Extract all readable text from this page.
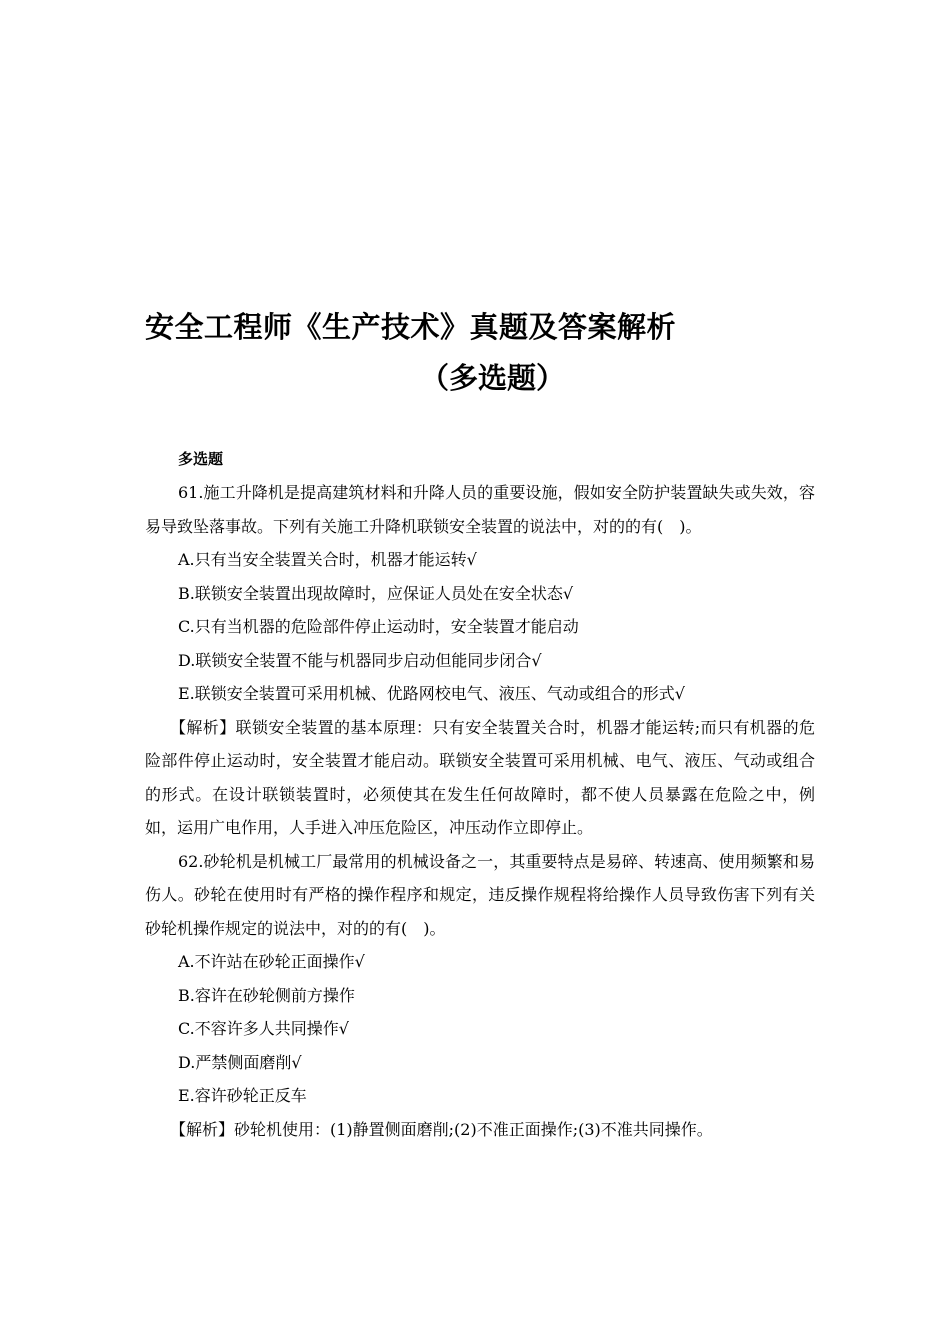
安全工程师《生产技术》真题及答案解析
（多选题）
多选题

61.施工升降机是提高建筑材料和升降人员的重要设施，假如安全防护装置缺失或失效，容易导致坠落事故。下列有关施工升降机联锁安全装置的说法中，对的的有(　)。

A.只有当安全装置关合时，机器才能运转√

B.联锁安全装置出现故障时，应保证人员处在安全状态√

C.只有当机器的危险部件停止运动时，安全装置才能启动

D.联锁安全装置不能与机器同步启动但能同步闭合√

E.联锁安全装置可采用机械、优路网校电气、液压、气动或组合的形式√

【解析】联锁安全装置的基本原理：只有安全装置关合时，机器才能运转;而只有机器的危险部件停止运动时，安全装置才能启动。联锁安全装置可采用机械、电气、液压、气动或组合的形式。在设计联锁装置时，必须使其在发生任何故障时，都不使人员暴露在危险之中，例如，运用广电作用，人手进入冲压危险区，冲压动作立即停止。

62.砂轮机是机械工厂最常用的机械设备之一，其重要特点是易碎、转速高、使用频繁和易伤人。砂轮在使用时有严格的操作程序和规定，违反操作规程将给操作人员导致伤害下列有关砂轮机操作规定的说法中，对的的有(　)。

A.不许站在砂轮正面操作√

B.容许在砂轮侧前方操作

C.不容许多人共同操作√

D.严禁侧面磨削√

E.容许砂轮正反车

【解析】砂轮机使用：(1)静置侧面磨削;(2)不准正面操作;(3)不准共同操作。
